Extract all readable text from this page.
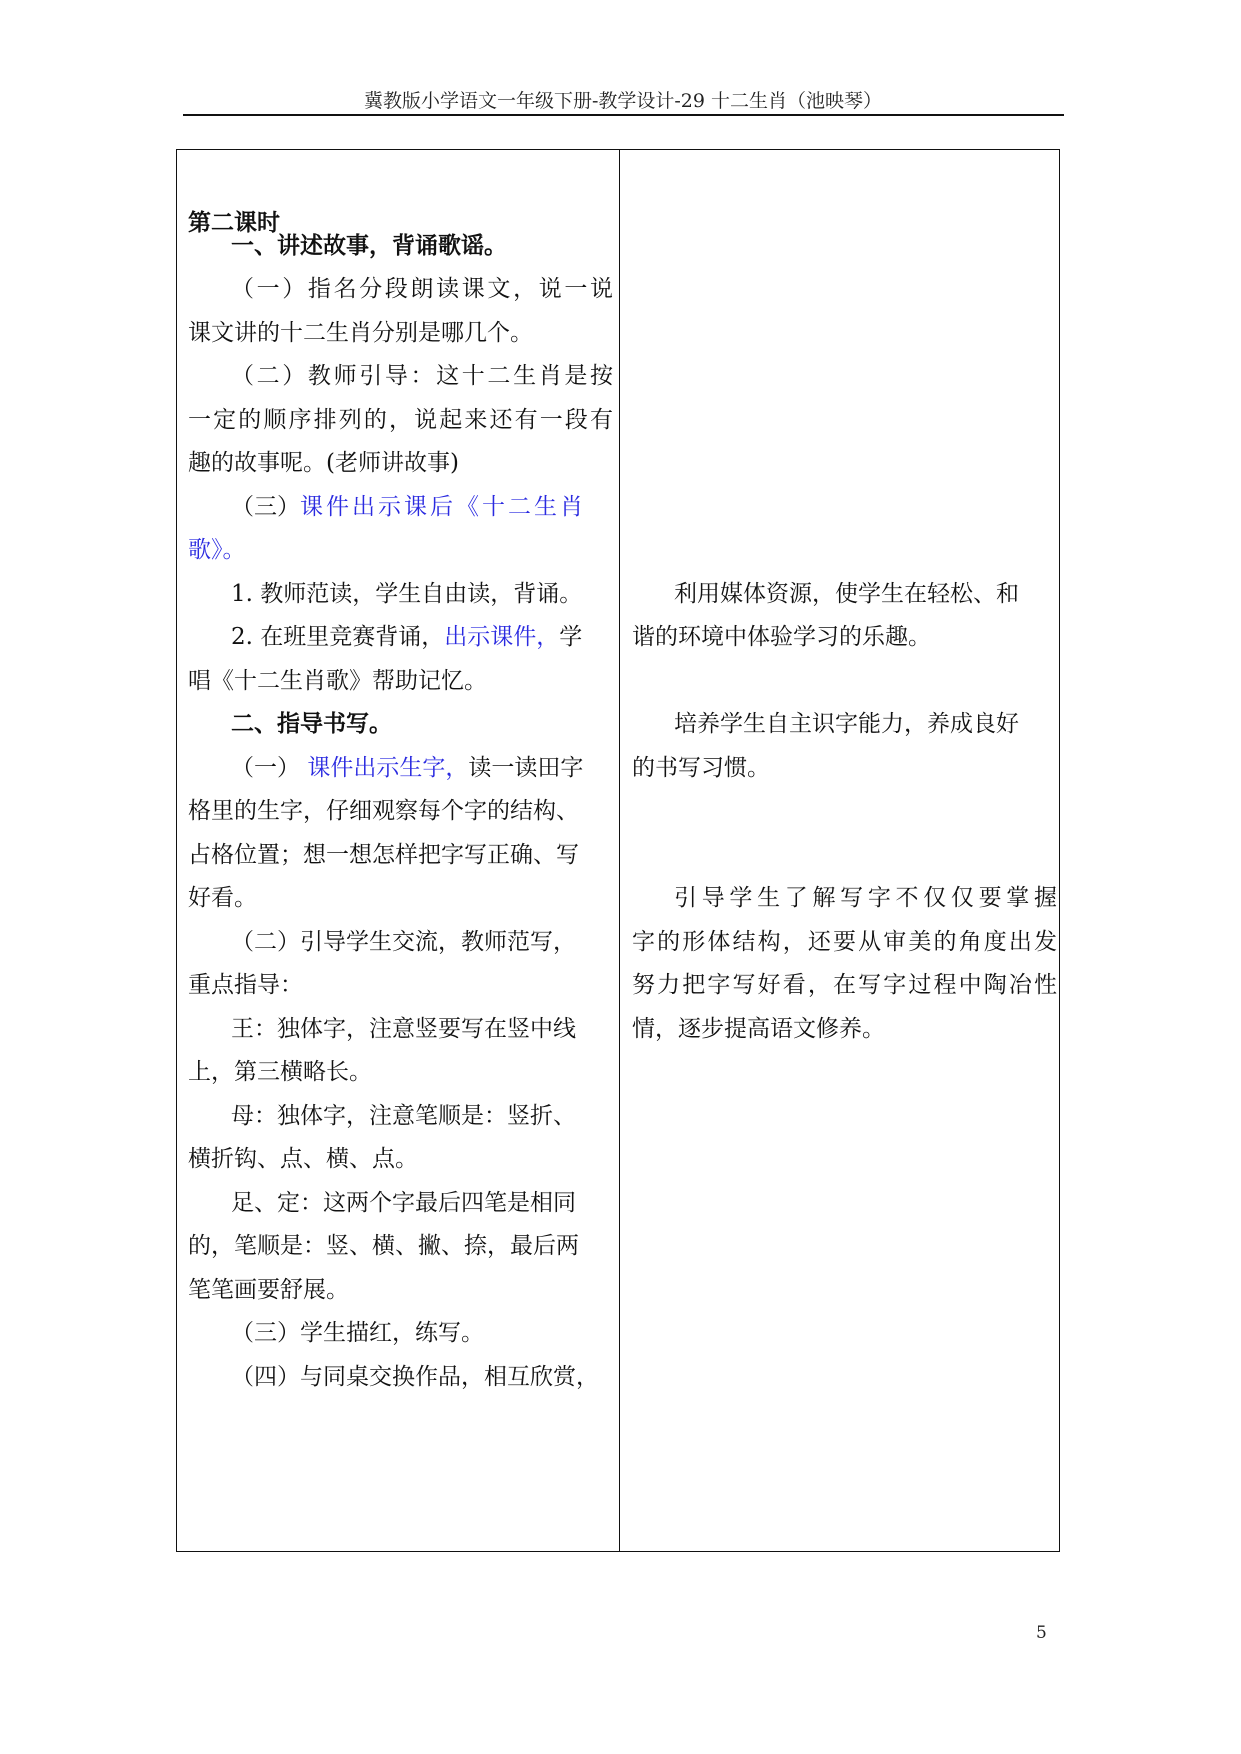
冀教版小学语文一年级下册-教学设计-29 十二生肖（池映琴）
第二课时
一、讲述故事，背诵歌谣。
（一）指名分段朗读课文，说一说
课文讲的十二生肖分别是哪几个。
（二）教师引导：这十二生肖是按
一定的顺序排列的，说起来还有一段有
趣的故事呢。(老师讲故事)
（三）课件出示课后《十二生肖
歌》。
1. 教师范读，学生自由读，背诵。
2. 在班里竞赛背诵，出示课件，学
唱《十二生肖歌》帮助记忆。
二、指导书写。
（一） 课件出示生字，读一读田字
格里的生字，仔细观察每个字的结构、
占格位置；想一想怎样把字写正确、写
好看。
（二）引导学生交流，教师范写，
重点指导：
王：独体字，注意竖要写在竖中线
上，第三横略长。
母：独体字，注意笔顺是：竖折、
横折钩、点、横、点。
足、定：这两个字最后四笔是相同
的，笔顺是：竖、横、撇、捺，最后两
笔笔画要舒展。
（三）学生描红，练写。
（四）与同桌交换作品，相互欣赏，
利用媒体资源，使学生在轻松、和
谐的环境中体验学习的乐趣。
培养学生自主识字能力，养成良好
的书写习惯。
引导学生了解写字不仅仅要掌握
字的形体结构，还要从审美的角度出发
努力把字写好看，在写字过程中陶冶性
情，逐步提高语文修养。
5
